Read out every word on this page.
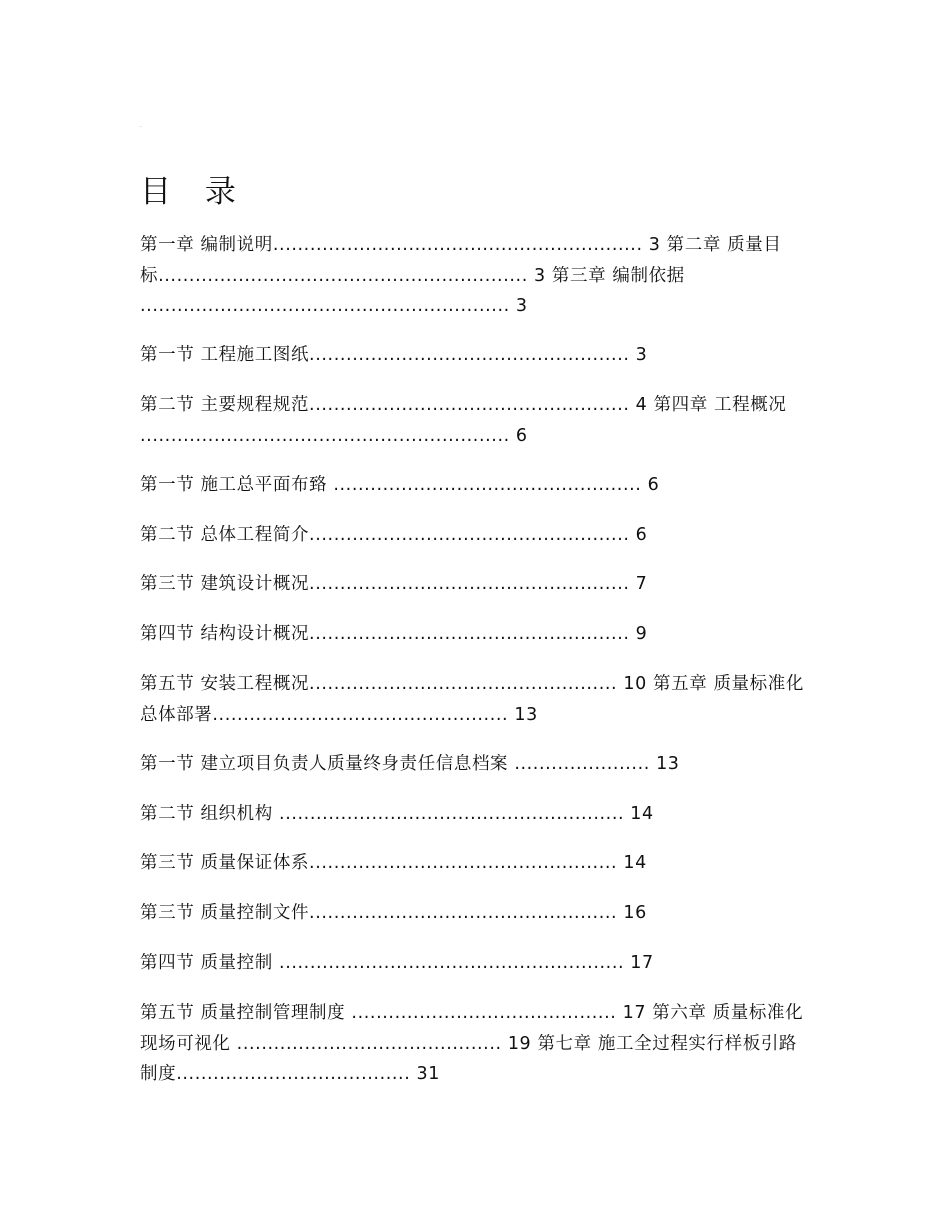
·
目 录
第一章 编制说明............................................................ 3 第二章 质量目标............................................................ 3 第三章 编制依据 ............................................................ 3
第一节 工程施工图纸.................................................... 3
第二节 主要规程规范.................................................... 4 第四章 工程概况 ............................................................ 6
第一节 施工总平面布臵 .................................................. 6
第二节 总体工程简介.................................................... 6
第三节 建筑设计概况.................................................... 7
第四节 结构设计概况.................................................... 9
第五节 安装工程概况.................................................. 10 第五章 质量标准化总体部署................................................ 13
第一节 建立项目负责人质量终身责任信息档案 ...................... 13
第二节 组织机构 ........................................................ 14
第三节 质量保证体系.................................................. 14
第三节 质量控制文件.................................................. 16
第四节 质量控制 ........................................................ 17
第五节 质量控制管理制度 ........................................... 17 第六章 质量标准化现场可视化 ........................................... 19 第七章 施工全过程实行样板引路制度...................................... 31
